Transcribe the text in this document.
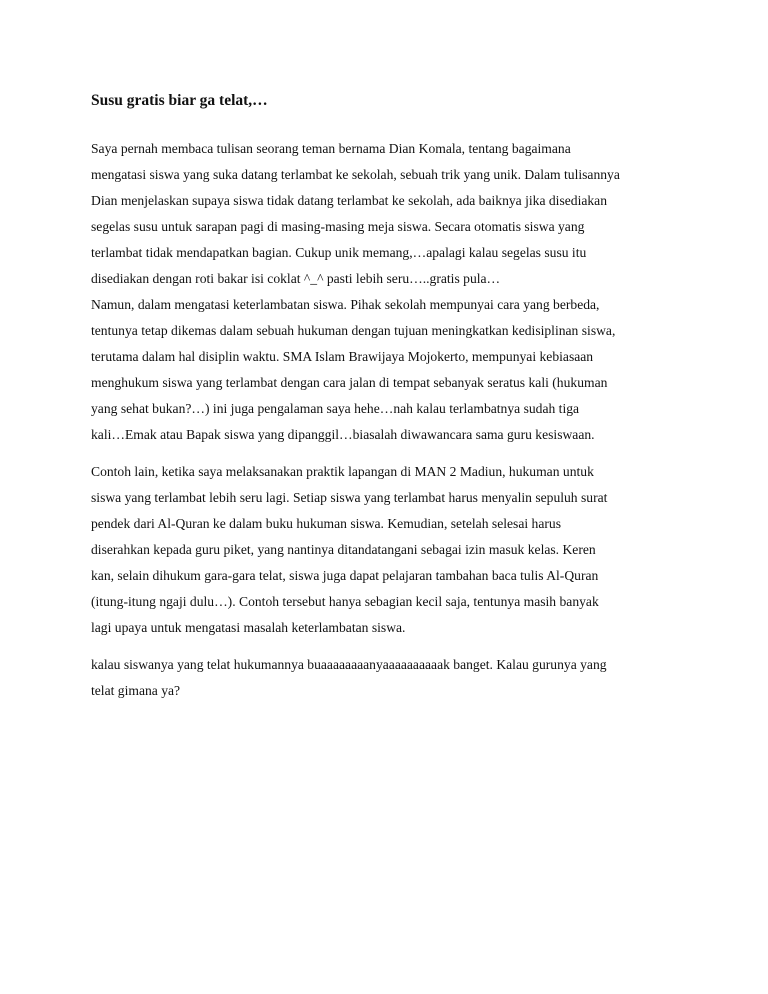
Susu gratis biar ga telat,…
Saya pernah membaca tulisan seorang teman bernama Dian Komala, tentang bagaimana
mengatasi siswa yang suka datang terlambat ke sekolah, sebuah trik yang unik. Dalam tulisannya
Dian menjelaskan supaya siswa tidak datang terlambat ke sekolah, ada baiknya jika disediakan
segelas susu untuk sarapan pagi di masing-masing meja siswa. Secara otomatis siswa yang
terlambat tidak mendapatkan bagian. Cukup unik memang,…apalagi kalau segelas susu itu
disediakan dengan roti bakar isi coklat ^_^ pasti lebih seru…..gratis pula…
Namun, dalam mengatasi keterlambatan siswa. Pihak sekolah mempunyai cara yang berbeda,
tentunya tetap dikemas dalam sebuah hukuman dengan tujuan meningkatkan kedisiplinan siswa,
terutama dalam hal disiplin waktu. SMA Islam Brawijaya Mojokerto, mempunyai kebiasaan
menghukum siswa yang terlambat dengan cara jalan di tempat sebanyak seratus kali (hukuman
yang sehat bukan?…) ini juga pengalaman saya hehe…nah kalau terlambatnya sudah tiga
kali…Emak atau Bapak siswa yang dipanggil…biasalah diwawancara sama guru kesiswaan.
Contoh lain, ketika saya melaksanakan praktik lapangan di MAN 2 Madiun, hukuman untuk
siswa yang terlambat lebih seru lagi. Setiap siswa yang terlambat harus menyalin sepuluh surat
pendek dari Al-Quran ke dalam buku hukuman siswa. Kemudian, setelah selesai harus
diserahkan kepada guru piket, yang nantinya ditandatangani sebagai izin masuk kelas. Keren
kan, selain dihukum gara-gara telat, siswa juga dapat pelajaran tambahan baca tulis Al-Quran
(itung-itung ngaji dulu…). Contoh tersebut hanya sebagian kecil saja, tentunya masih banyak
lagi upaya untuk mengatasi masalah keterlambatan siswa.
kalau siswanya yang telat hukumannya buaaaaaaaanyaaaaaaaaaak banget. Kalau gurunya yang
telat gimana ya?
